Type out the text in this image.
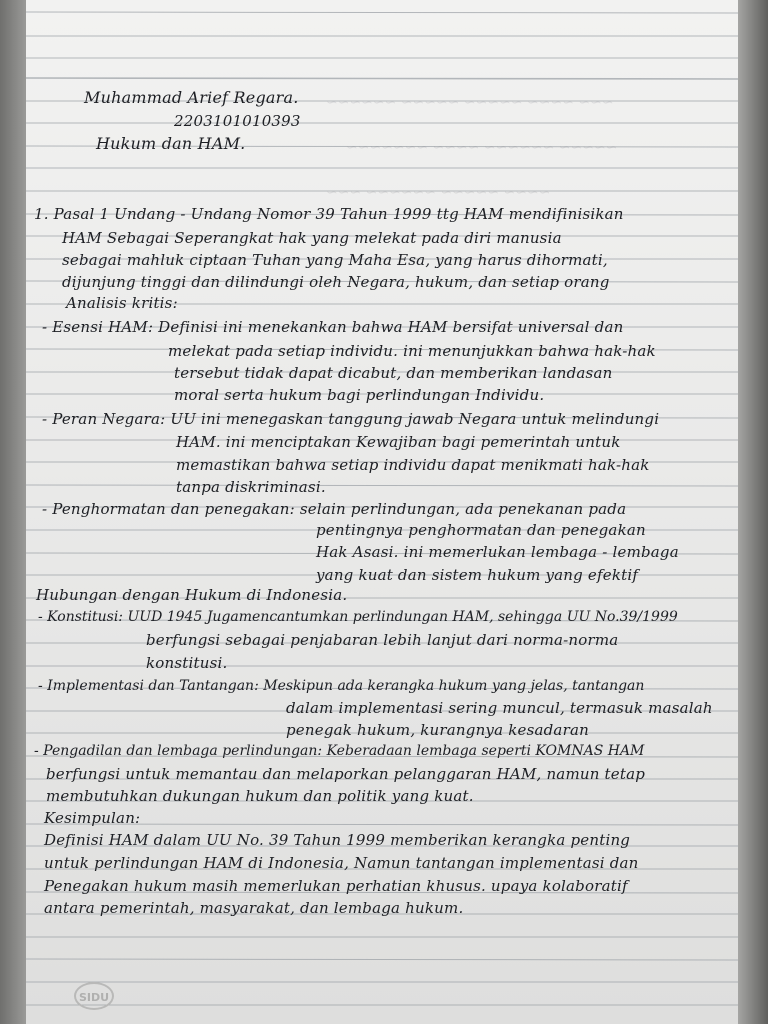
~~~ ~~~~ ~~~~~ ~~~~~ ~~~~~~
~~~~~ ~~~~~~ ~~~~ ~~~~~~~
~~~~ ~~~~~ ~~~~~~ ~~~
Muhammad Arief Regara.
2203101010393
Hukum dan HAM.
1. Pasal 1 Undang - Undang Nomor 39 Tahun 1999 ttg HAM mendifinisikan
HAM Sebagai Seperangkat hak yang melekat pada diri manusia
sebagai mahluk ciptaan Tuhan yang Maha Esa, yang harus dihormati,
dijunjung tinggi dan dilindungi oleh Negara, hukum, dan setiap orang
Analisis kritis:
- Esensi HAM: Definisi ini menekankan bahwa HAM bersifat universal dan
melekat pada setiap individu. ini menunjukkan bahwa hak-hak
tersebut tidak dapat dicabut, dan memberikan landasan
moral serta hukum bagi perlindungan Individu.
- Peran Negara: UU ini menegaskan tanggung jawab Negara untuk melindungi
HAM. ini menciptakan Kewajiban bagi pemerintah untuk
memastikan bahwa setiap individu dapat menikmati hak-hak
tanpa diskriminasi.
- Penghormatan dan penegakan: selain perlindungan, ada penekanan pada
pentingnya penghormatan dan penegakan
Hak Asasi. ini memerlukan lembaga - lembaga
yang kuat dan sistem hukum yang efektif
Hubungan dengan Hukum di Indonesia.
- Konstitusi: UUD 1945 Jugamencantumkan perlindungan HAM, sehingga UU No.39/1999
berfungsi sebagai penjabaran lebih lanjut dari norma-norma
konstitusi.
- Implementasi dan Tantangan: Meskipun ada kerangka hukum yang jelas, tantangan
dalam implementasi sering muncul, termasuk masalah
penegak hukum, kurangnya kesadaran
- Pengadilan dan lembaga perlindungan: Keberadaan lembaga seperti KOMNAS HAM
berfungsi untuk memantau dan melaporkan pelanggaran HAM, namun tetap
membutuhkan dukungan hukum dan politik yang kuat.
Kesimpulan:
Definisi HAM dalam UU No. 39 Tahun 1999 memberikan kerangka penting
untuk perlindungan HAM di Indonesia, Namun tantangan implementasi dan
Penegakan hukum masih memerlukan perhatian khusus. upaya kolaboratif
antara pemerintah, masyarakat, dan lembaga hukum.
SIDU
